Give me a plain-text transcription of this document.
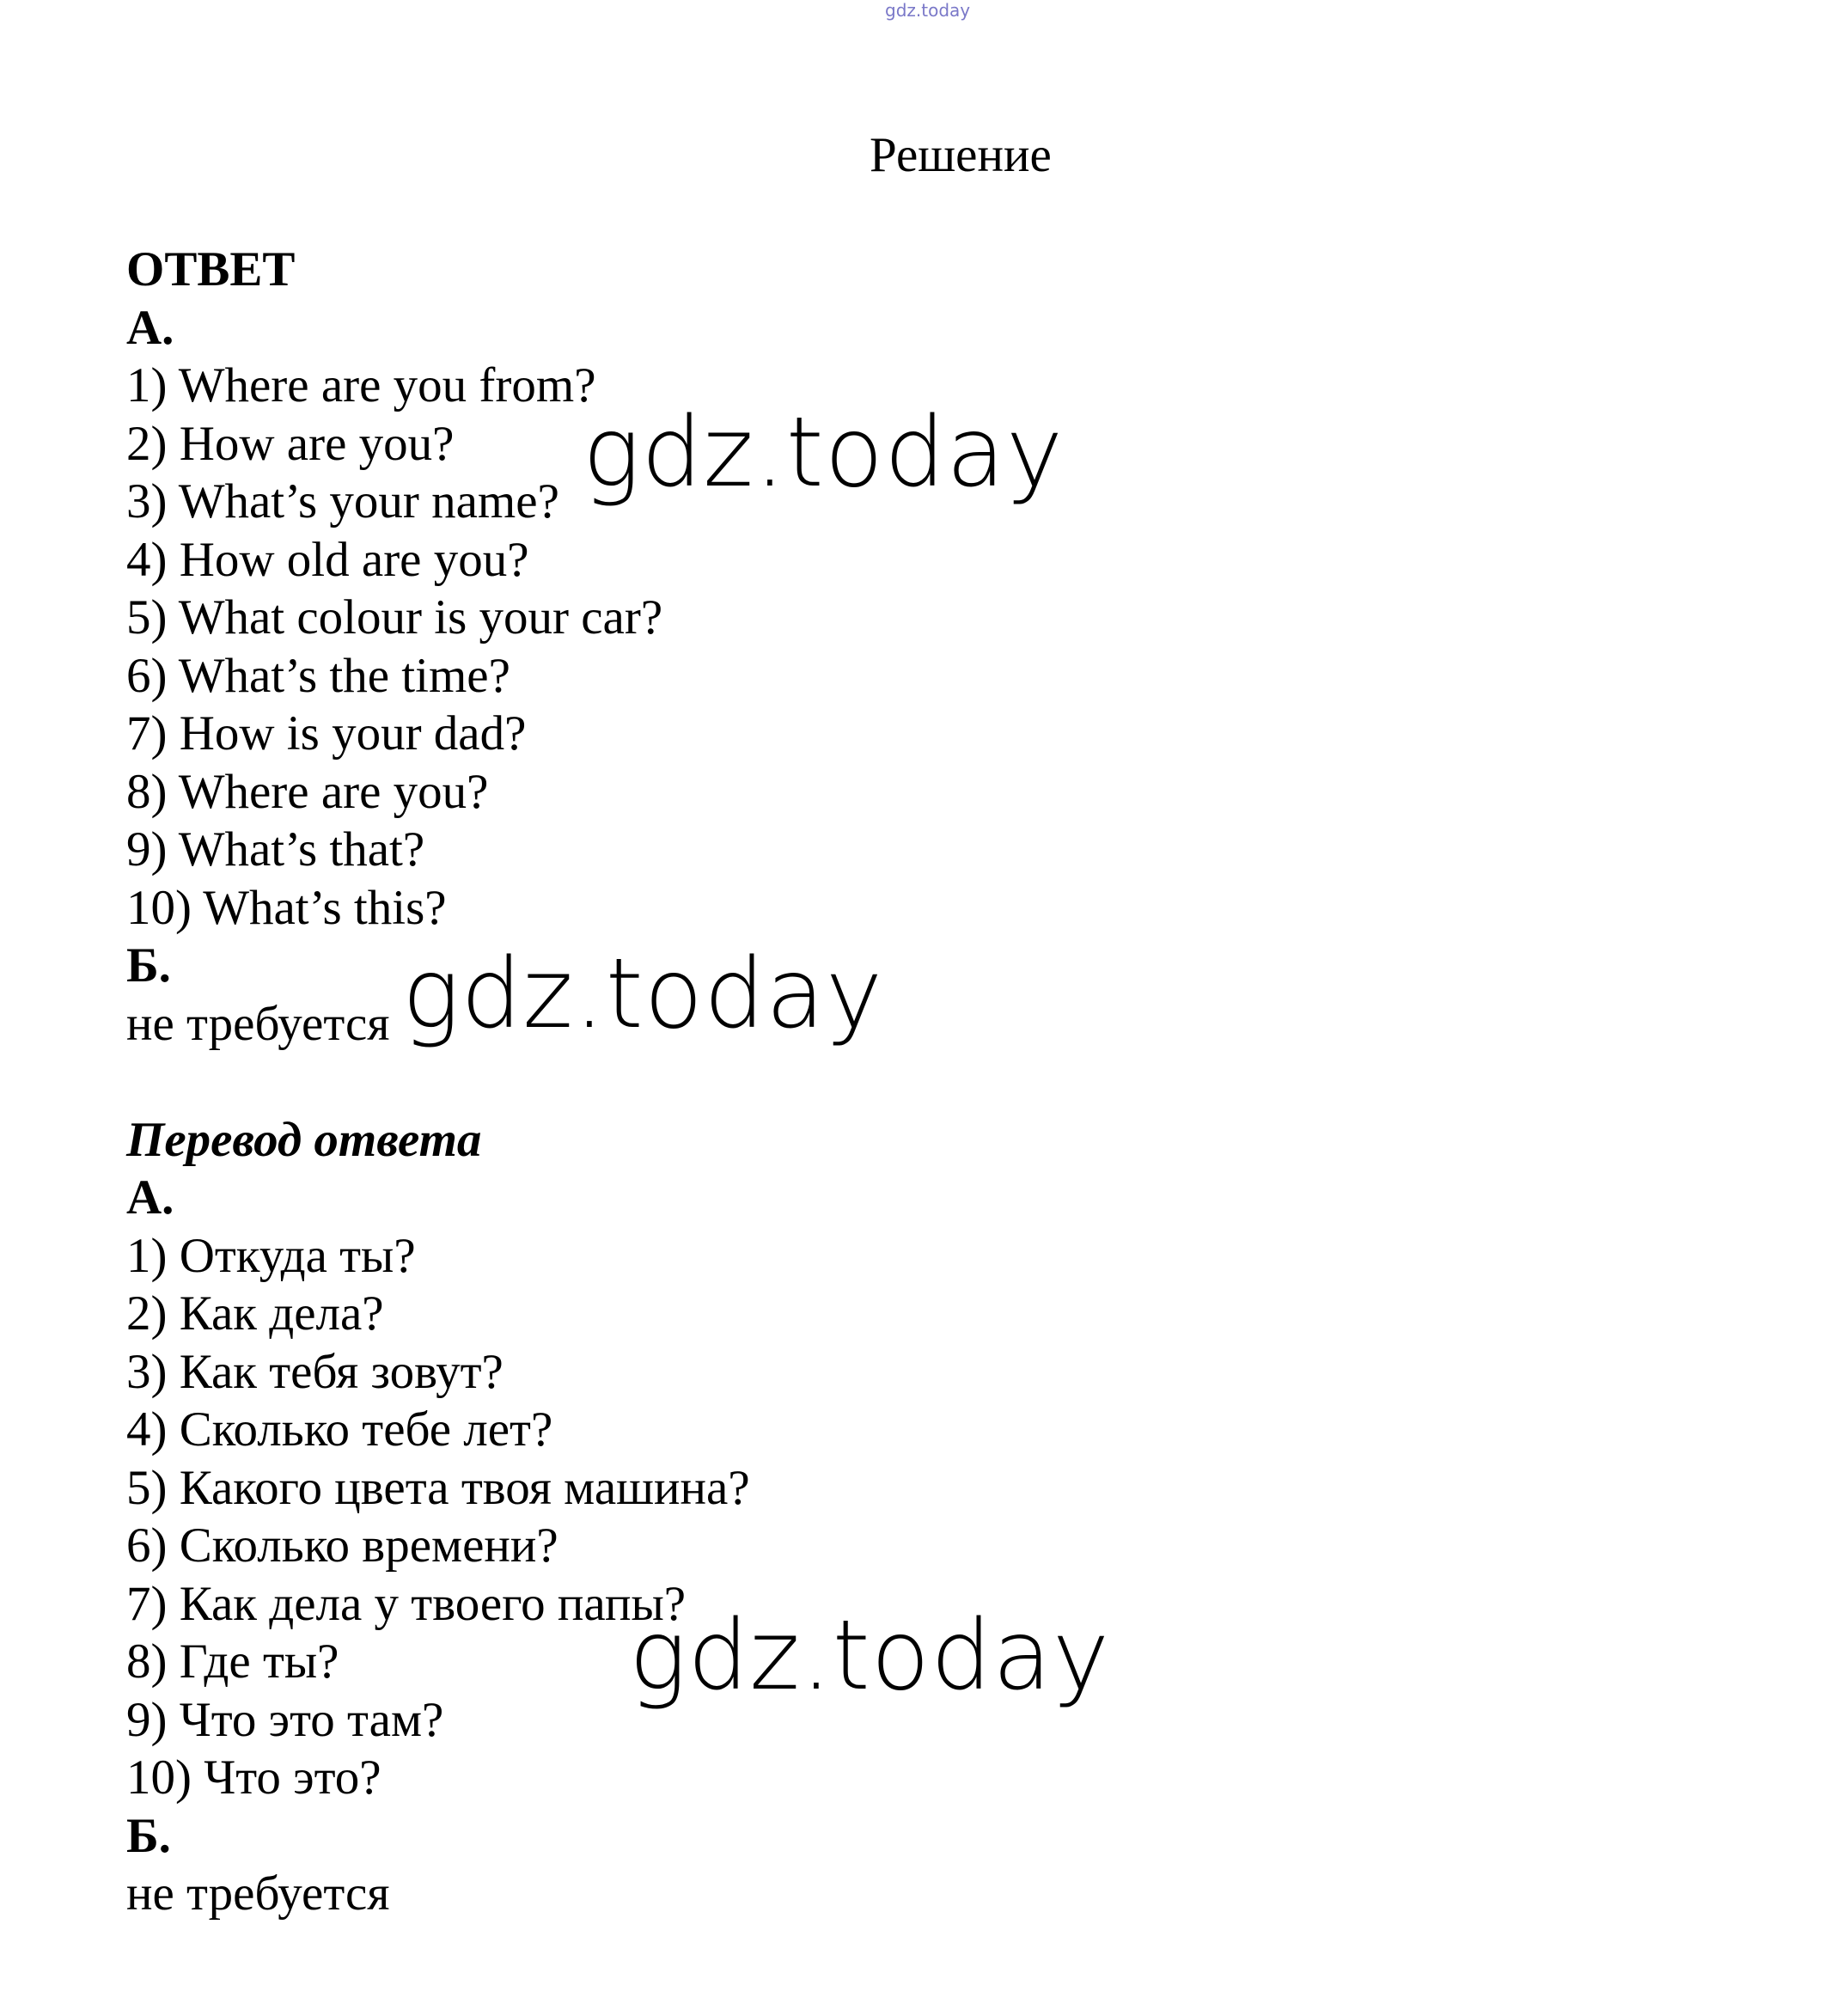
gdz.today
Решение
ОТВЕТ
А.
1) Where are you from?
2) How are you?
3) What’s your name?
4) How old are you?
5) What colour is your car?
6) What’s the time?
7) How is your dad?
8) Where are you?
9) What’s that?
10) What’s this?
Б.
не требуется
Перевод ответа
А.
1) Откуда ты?
2) Как дела?
3) Как тебя зовут?
4) Сколько тебе лет?
5) Какого цвета твоя машина?
6) Сколько времени?
7) Как дела у твоего папы?
8) Где ты?
9) Что это там?
10) Что это?
Б.
не требуется
gdz.today
gdz.today
gdz.today
